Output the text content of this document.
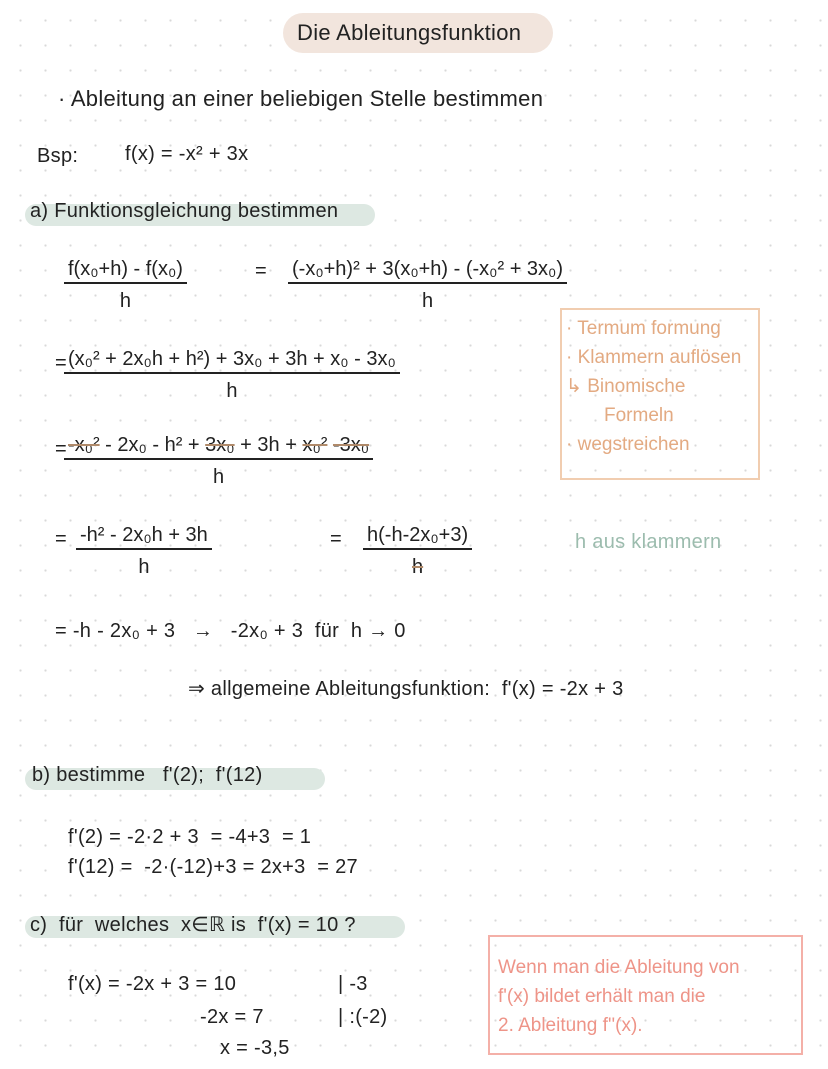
Die Ableitungsfunktion
· Ableitung an einer beliebigen Stelle bestimmen
Bsp: f(x) = -x² + 3x
a) Funktionsgleichung bestimmen
$\frac{\text{f(x₀+h) - f(x₀)}}{h}$	= $\frac{\text{(-x₀+h)² + 3(x₀+h) - (-x₀² + 3x₀)}}{h}$
=
$\frac{\text{(x₀² + 2x₀h + h²) + 3x₀ + 3h + x₀ - 3x₀}}{h}$
=
$\frac{\text{-x₀² - 2x₀ - h² + 3x₀ + 3h + x₀² -3x₀}}{h}$
· Termum formung
· Klammern auflösen
↳ Binomische
Formeln
· wegstreichen
= $\frac{\text{-h² - 2x₀h + 3h}}{h}$	= $\frac{\text{h(-h-2x₀+3)}}{h}$	h aus klammern
= -h - 2x₀ + 3   →   -2x₀ + 3  für  h → 0
⇒ allgemeine Ableitungsfunktion:  f'(x) = -2x + 3
b) bestimme   f'(2);  f'(12)
f'(2) = -2·2 + 3  = -4+3  = 1
f'(12) =  -2·(-12)+3 = 2x+3  = 27
c)  für  welches  x∈ℝ is  f'(x) = 10 ?
f'(x) = -2x + 3 = 10
-2x = 7
x = -3,5
| -3
| :(-2)
Wenn man die Ableitung von
f'(x) bildet erhält man die
2. Ableitung f''(x).
